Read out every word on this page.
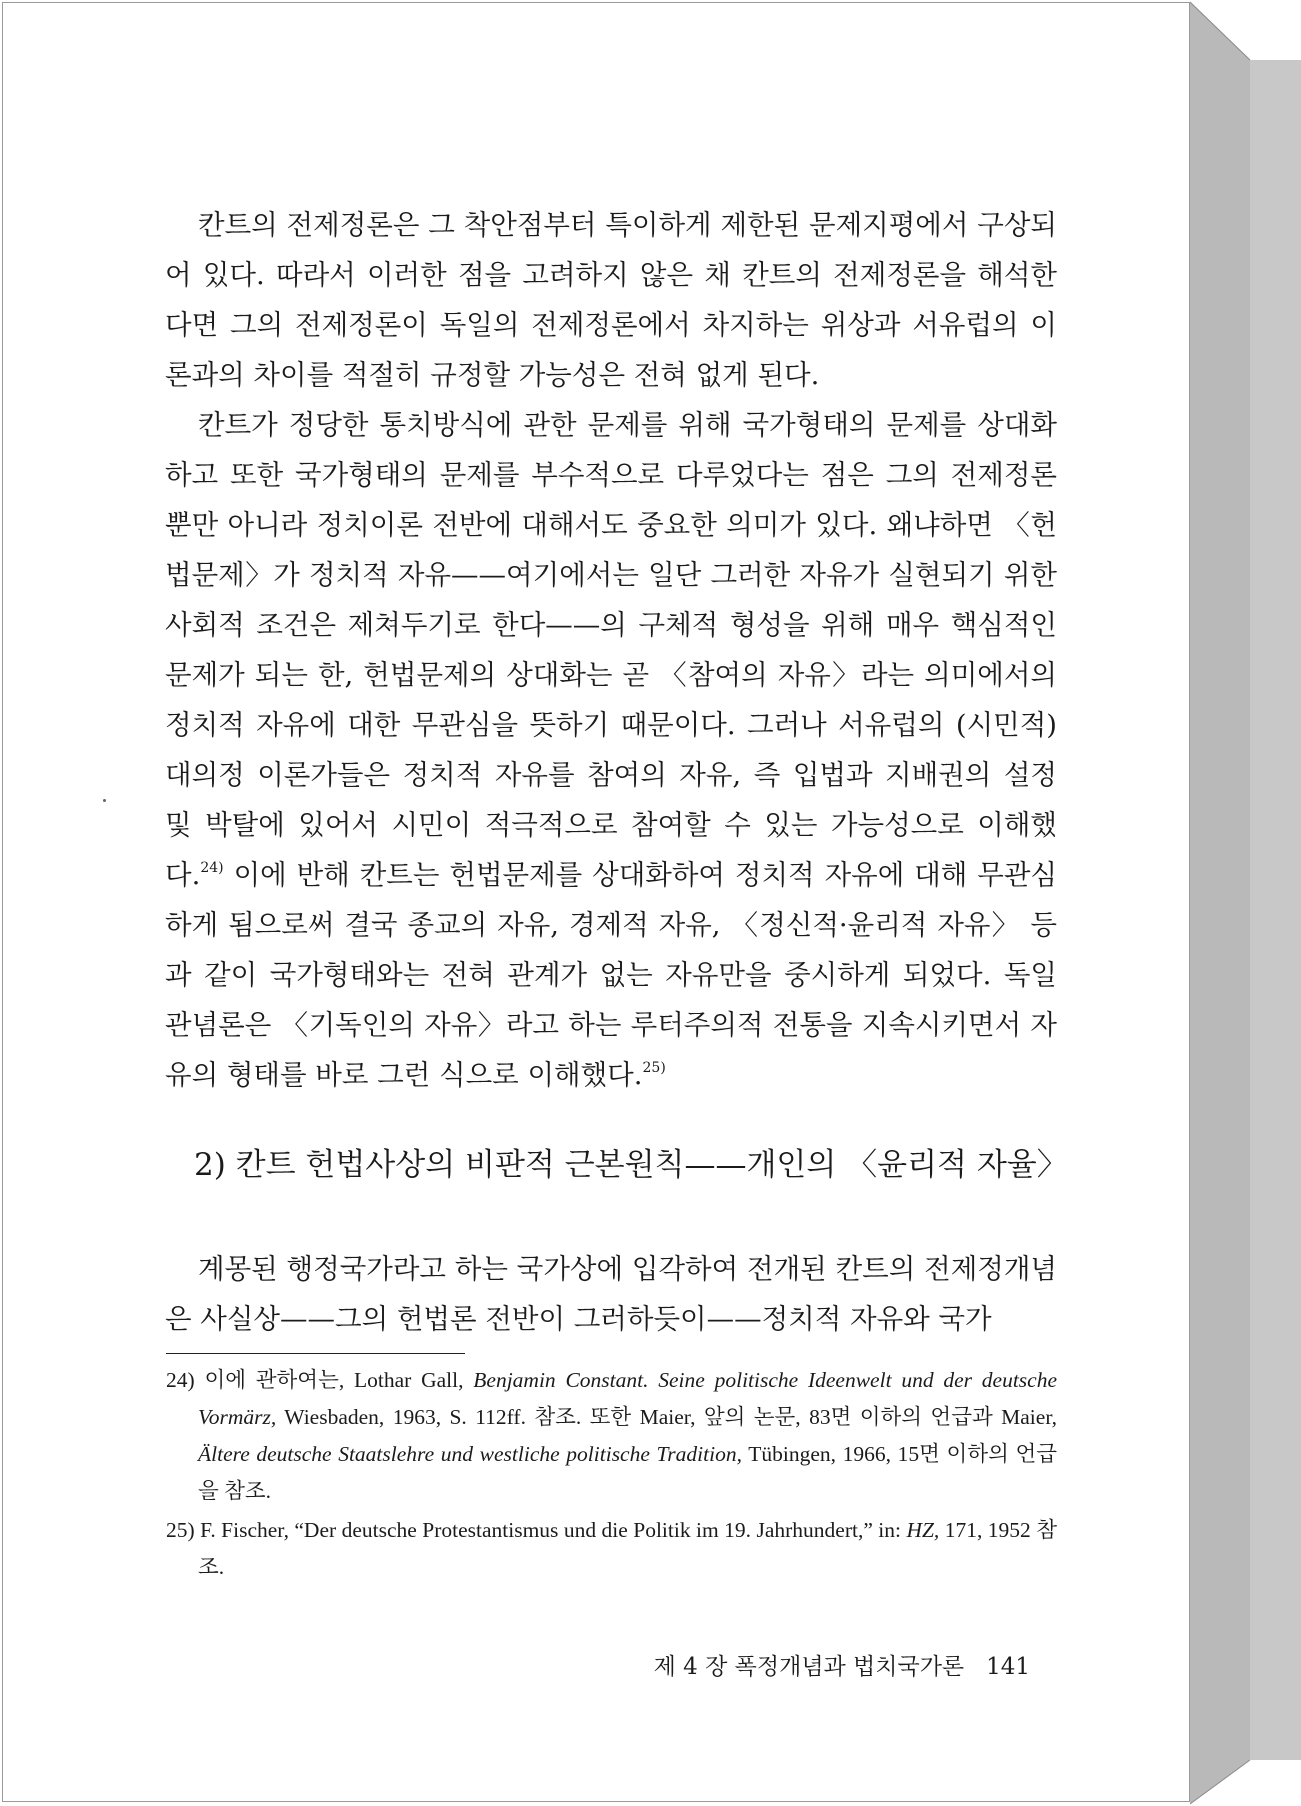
칸트의 전제정론은 그 착안점부터 특이하게 제한된 문제지평에서 구상되어 있다. 따라서 이러한 점을 고려하지 않은 채 칸트의 전제정론을 해석한다면 그의 전제정론이 독일의 전제정론에서 차지하는 위상과 서유럽의 이론과의 차이를 적절히 규정할 가능성은 전혀 없게 된다.

칸트가 정당한 통치방식에 관한 문제를 위해 국가형태의 문제를 상대화하고 또한 국가형태의 문제를 부수적으로 다루었다는 점은 그의 전제정론뿐만 아니라 정치이론 전반에 대해서도 중요한 의미가 있다. 왜냐하면 〈헌법문제〉가 정치적 자유——여기에서는 일단 그러한 자유가 실현되기 위한 사회적 조건은 제쳐두기로 한다——의 구체적 형성을 위해 매우 핵심적인 문제가 되는 한, 헌법문제의 상대화는 곧 〈참여의 자유〉라는 의미에서의 정치적 자유에 대한 무관심을 뜻하기 때문이다. 그러나 서유럽의 (시민적) 대의정 이론가들은 정치적 자유를 참여의 자유, 즉 입법과 지배권의 설정 및 박탈에 있어서 시민이 적극적으로 참여할 수 있는 가능성으로 이해했다.$^{24)}$ 이에 반해 칸트는 헌법문제를 상대화하여 정치적 자유에 대해 무관심하게 됨으로써 결국 종교의 자유, 경제적 자유, 〈정신적·윤리적 자유〉 등과 같이 국가형태와는 전혀 관계가 없는 자유만을 중시하게 되었다. 독일 관념론은 〈기독인의 자유〉라고 하는 루터주의적 전통을 지속시키면서 자유의 형태를 바로 그런 식으로 이해했다.$^{25)}$

2) 칸트 헌법사상의 비판적 근본원칙——개인의 〈윤리적 자율〉

계몽된 행정국가라고 하는 국가상에 입각하여 전개된 칸트의 전제정개념은 사실상——그의 헌법론 전반이 그러하듯이——정치적 자유와 국가

24) 이에 관하여는, Lothar Gall, Benjamin Constant. Seine politische Ideenwelt und der deutsche Vormärz, Wiesbaden, 1963, S. 112ff. 참조. 또한 Maier, 앞의 논문, 83면 이하의 언급과 Maier, Ältere deutsche Staatslehre und westliche politische Tradition, Tübingen, 1966, 15면 이하의 언급을 참조.
25) F. Fischer, “Der deutsche Protestantismus und die Politik im 19. Jahrhundert,” in: HZ, 171, 1952 참조.
제 4 장 폭정개념과 법치국가론 141
